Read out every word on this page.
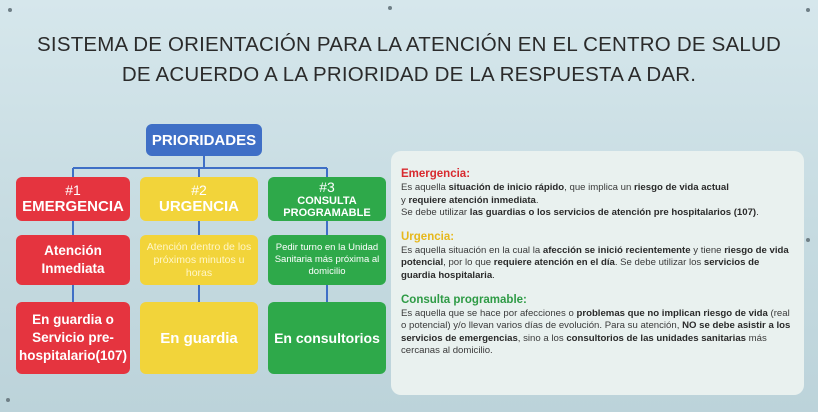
SISTEMA DE ORIENTACIÓN PARA LA ATENCIÓN EN EL CENTRO DE SALUD
DE ACUERDO A LA PRIORIDAD DE LA RESPUESTA A DAR.
PRIORIDADES
#1
EMERGENCIA
#2
URGENCIA
#3
CONSULTA PROGRAMABLE
Atención Inmediata
Atención dentro de los próximos minutos u horas
Pedir turno en la Unidad Sanitaria más próxima al domicilio
En guardia o Servicio pre-hospitalario(107)
En guardia	En consultorios
Emergencia:

Es aquella situación de inicio rápido, que implica un riesgo de vida actual
y requiere atención inmediata.
Se debe utilizar las guardias o los servicios de atención pre hospitalarios (107).

Urgencia:

Es aquella situación en la cual la afección se inició recientemente y tiene riesgo de vida potencial, por lo que requiere atención en el día. Se debe utilizar los servicios de guardia hospitalaria.

Consulta programable:

Es aquella que se hace por afecciones o problemas que no implican riesgo de vida (real o potencial) y/o llevan varios días de evolución. Para su atención, NO se debe asistir a los servicios de emergencias, sino a los consultorios de las unidades sanitarias más cercanas al domicilio.
